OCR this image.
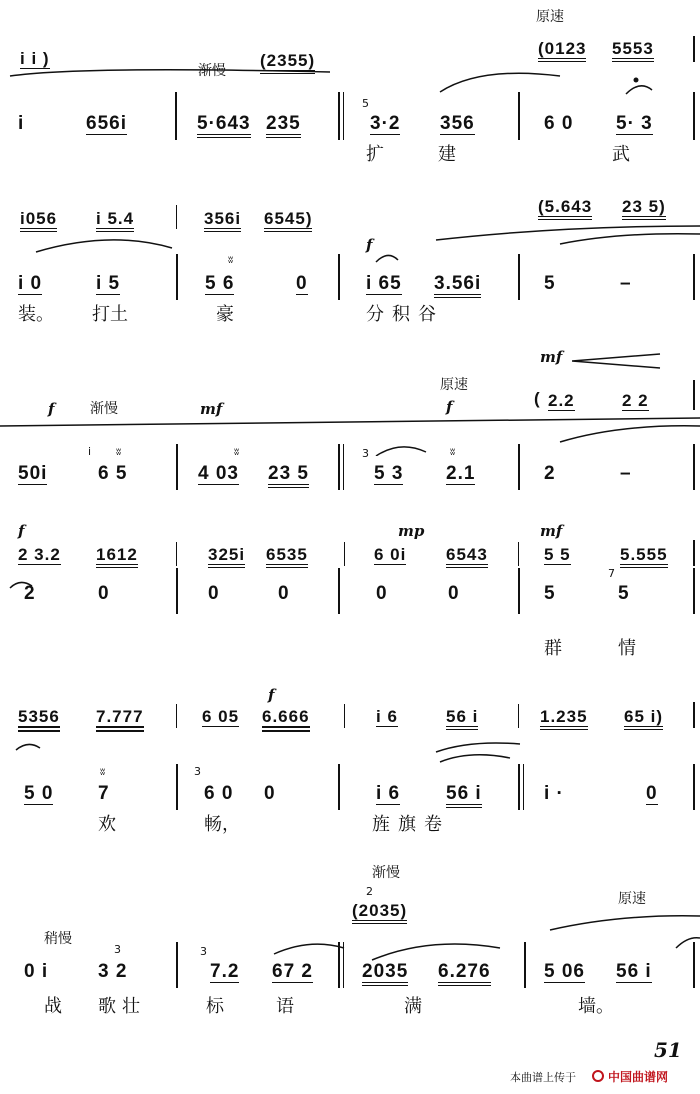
原速
渐慢
i i )	(2355)
(0123 5553
i	656i	5·643 235
5
3·2 356	6 0 5· 3
扩	建	武
i056 i 5.4	356i 6545)
(5.643 23 5)
f
i 0	i 5
ʬ
5 6	0	i 65 3.56i	5	–
装。 打土	豪	分积谷
mf
原速
f	渐慢	mf	f	( 2.2	2 2
i ʬ	ʬ	ʬ
50i	6 5	4 03 23 5
3
5 3 2.1	2	–
f	mp	mf
2 3.2 1612	325i 6535	6 0i 6543	5 5	5.555
2	0	0	0	0	0	5
7
5
群	情
f
5356 7.777	6 05 6.666	i 6	56 i	1.235 65 i)
ʬ
5 0 7
3
6 0 0	i 6 56 i	i ·	0
欢	畅，	旌旗卷
渐慢
2
(2035)
原速
稍慢
3	3
0 i	3 2	7.2 67 2	2035 6.276	5 06 56 i
战 歌壮	标	语	满	墙。
51
本曲谱上传于	中国曲谱网
